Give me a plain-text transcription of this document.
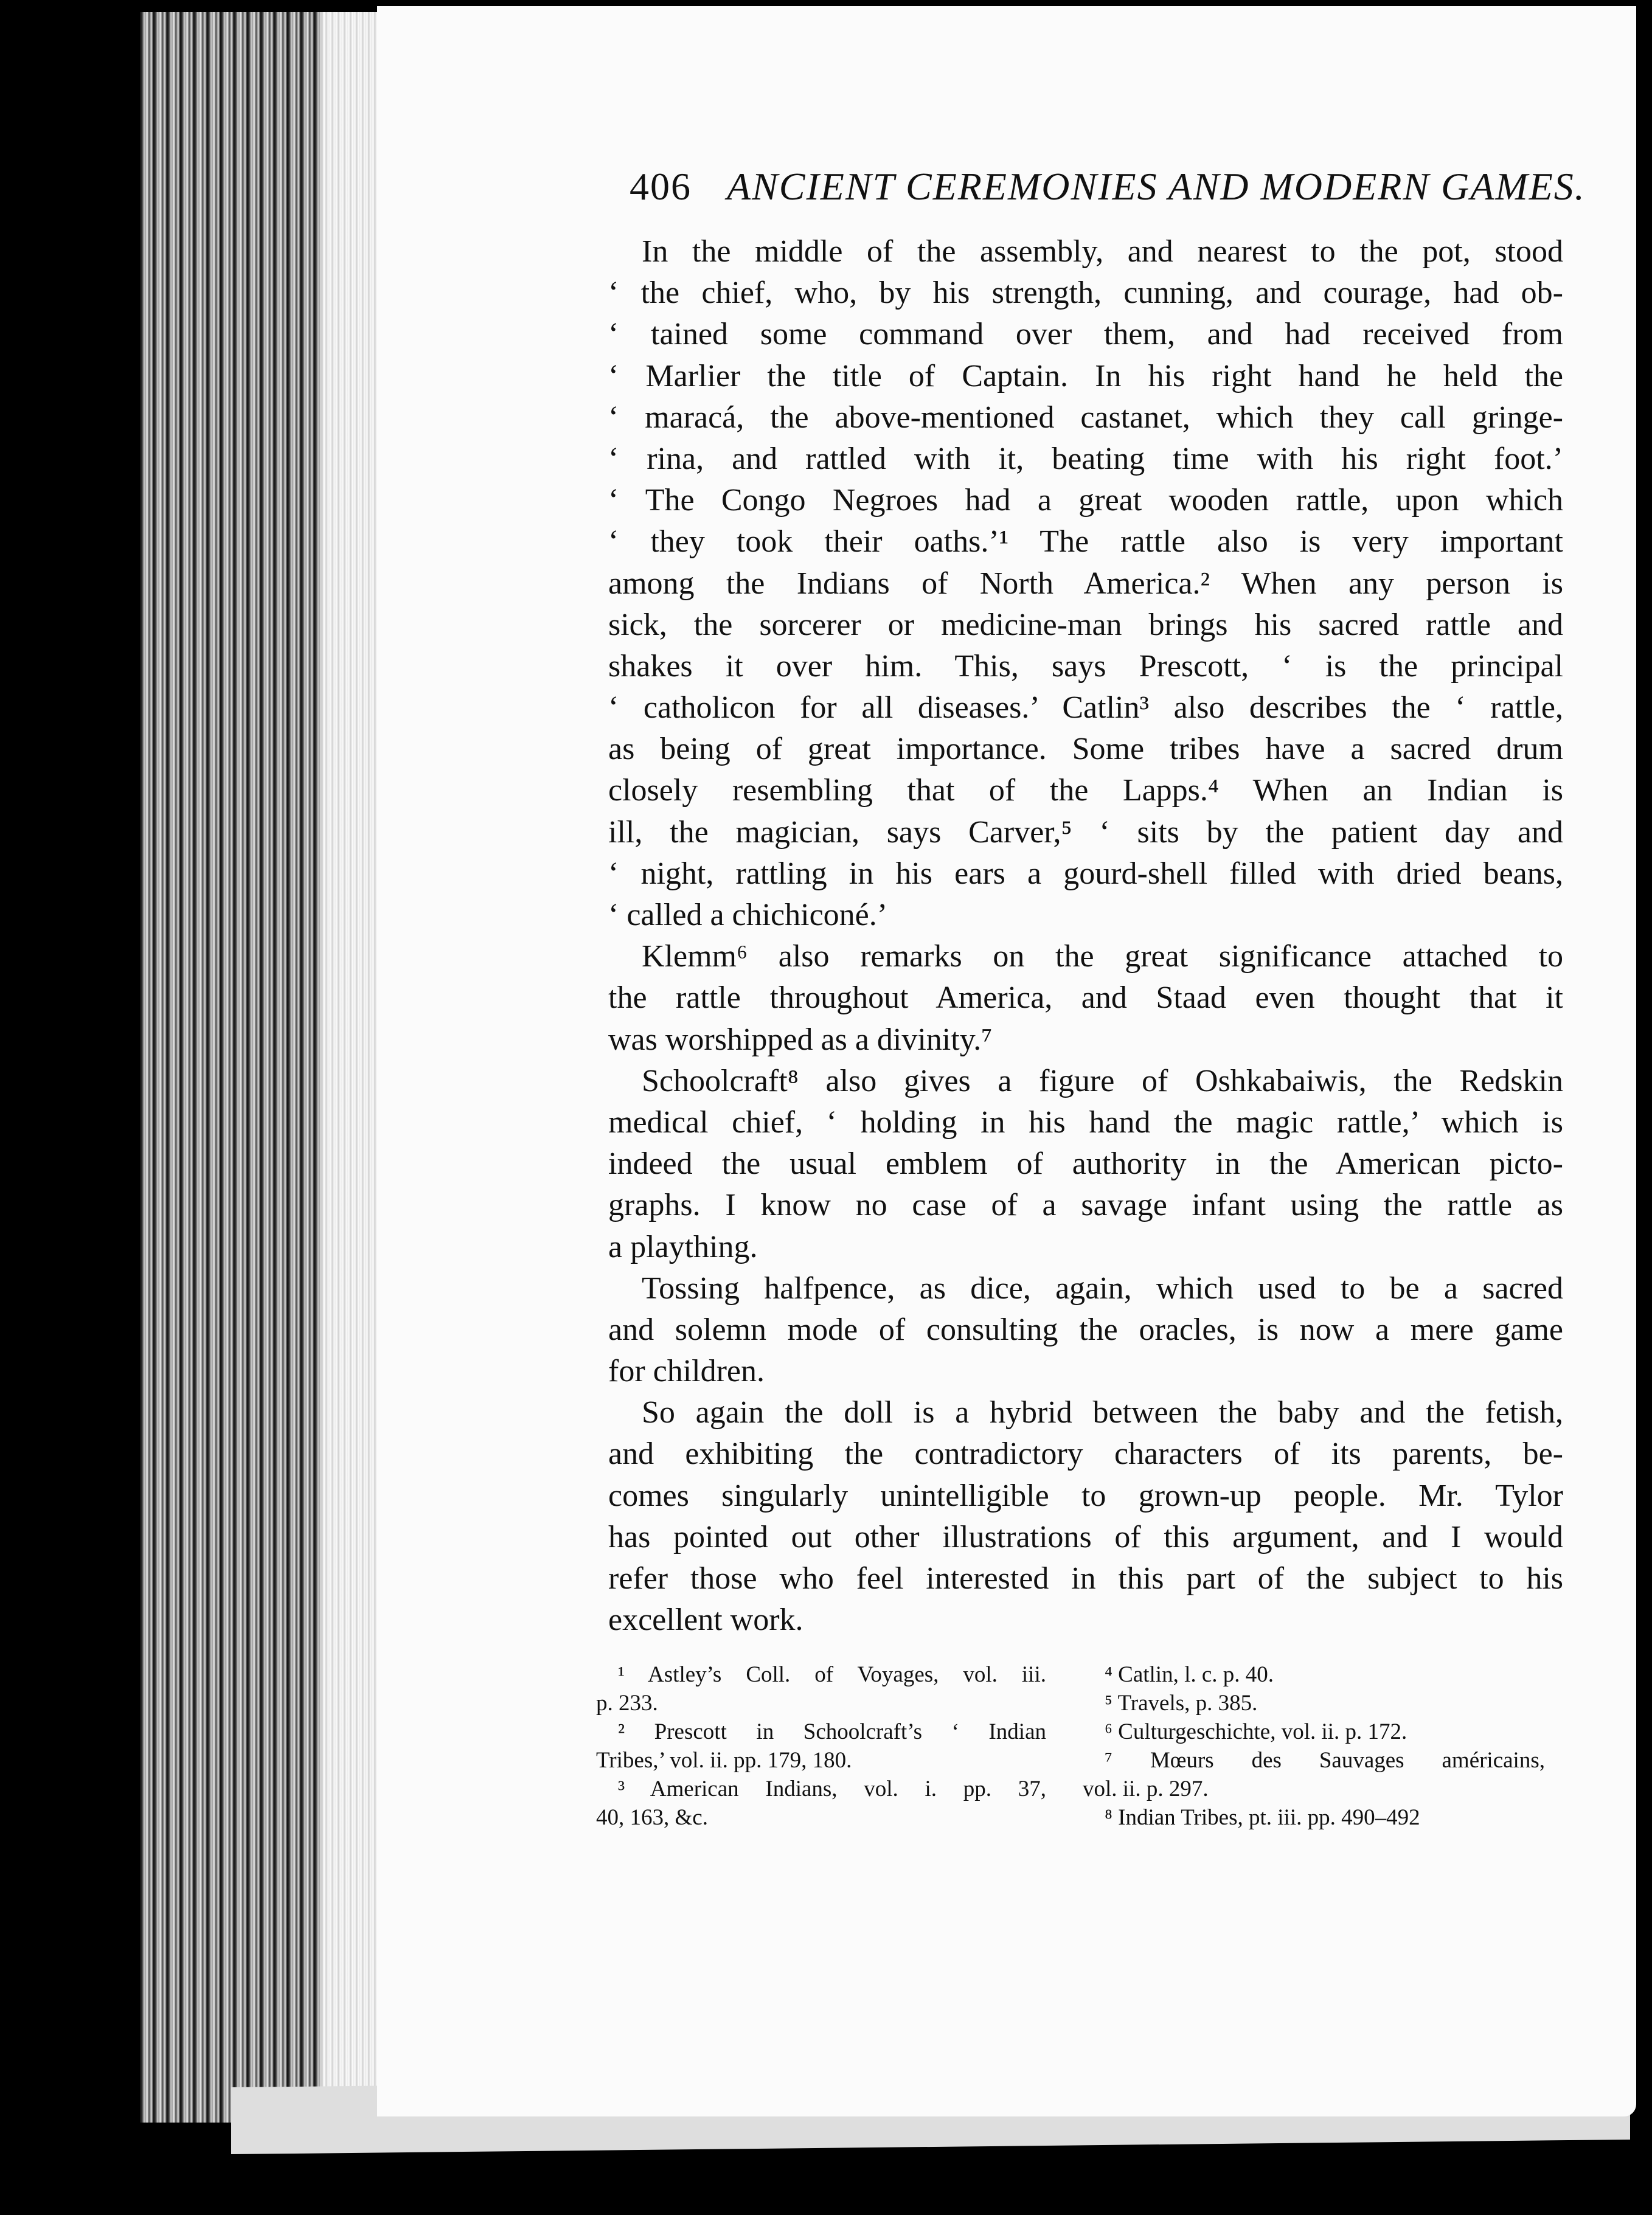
406 ANCIENT CEREMONIES AND MODERN GAMES.
In the middle of the assembly, and nearest to the pot, stood
‘ the chief, who, by his strength, cunning, and courage, had ob-
‘ tained some command over them, and had received from
‘ Marlier the title of Captain. In his right hand he held the
‘ maracá, the above-mentioned castanet, which they call gringe-
‘ rina, and rattled with it, beating time with his right foot.’
‘ The Congo Negroes had a great wooden rattle, upon which
‘ they took their oaths.’¹ The rattle also is very important
among the Indians of North America.² When any person is
sick, the sorcerer or medicine-man brings his sacred rattle and
shakes it over him. This, says Prescott, ‘ is the principal
‘ catholicon for all diseases.’ Catlin³ also describes the ‘ rattle,
as being of great importance. Some tribes have a sacred drum
closely resembling that of the Lapps.⁴ When an Indian is
ill, the magician, says Carver,⁵ ‘ sits by the patient day and
‘ night, rattling in his ears a gourd-shell filled with dried beans,
‘ called a chichiconé.’
Klemm⁶ also remarks on the great significance attached to
the rattle throughout America, and Staad even thought that it
was worshipped as a divinity.⁷
Schoolcraft⁸ also gives a figure of Oshkabaiwis, the Redskin
medical chief, ‘ holding in his hand the magic rattle,’ which is
indeed the usual emblem of authority in the American picto-
graphs. I know no case of a savage infant using the rattle as
a plaything.
Tossing halfpence, as dice, again, which used to be a sacred
and solemn mode of consulting the oracles, is now a mere game
for children.
So again the doll is a hybrid between the baby and the fetish,
and exhibiting the contradictory characters of its parents, be-
comes singularly unintelligible to grown-up people. Mr. Tylor
has pointed out other illustrations of this argument, and I would
refer those who feel interested in this part of the subject to his
excellent work.
¹ Astley’s Coll. of Voyages, vol. iii.
p. 233.
² Prescott in Schoolcraft’s ‘ Indian
Tribes,’ vol. ii. pp. 179, 180.
³ American Indians, vol. i. pp. 37,
40, 163, &c.
⁴ Catlin, l. c. p. 40.
⁵ Travels, p. 385.
⁶ Culturgeschichte, vol. ii. p. 172.
⁷ Mœurs des Sauvages américains,
vol. ii. p. 297.
⁸ Indian Tribes, pt. iii. pp. 490–492
